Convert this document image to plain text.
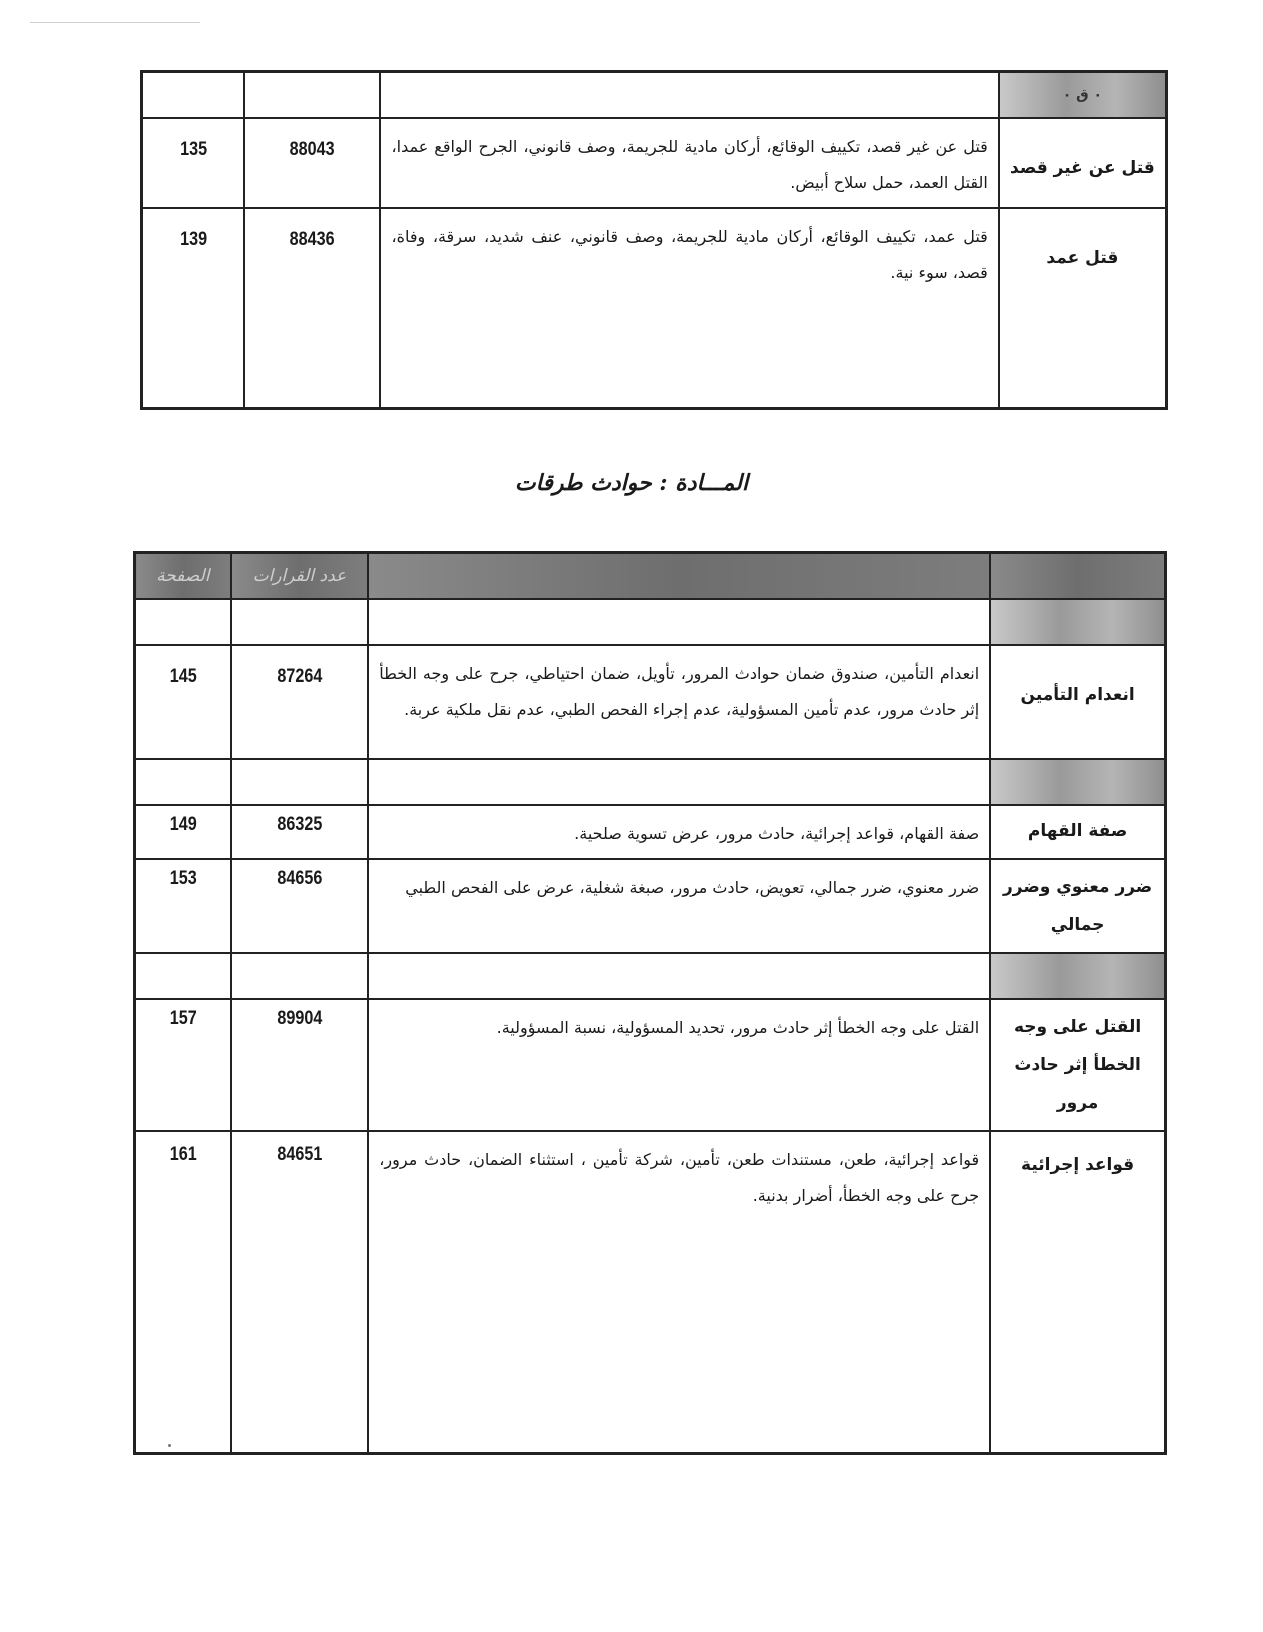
٠ ق ٠			
قتل عن غير قصد	قتل عن غير قصد، تكييف الوقائع، أركان مادية للجريمة، وصف قانوني، الجرح الواقع عمدا، القتل العمد، حمل سلاح أبيض.	88043	135
قتل عمد	قتل عمد، تكييف الوقائع، أركان مادية للجريمة، وصف قانوني، عنف شديد، سرقة، وفاة، قصد، سوء نية.	88436	139
المـــادة : حوادث طرقات
		عدد القرارات	الصفحة

انعدام التأمين	انعدام التأمين، صندوق ضمان حوادث المرور، تأويل، ضمان احتياطي، جرح على وجه الخطأ إثر حادث مرور، عدم تأمين المسؤولية، عدم إجراء الفحص الطبي، عدم نقل ملكية عربة.	87264	145

صفة القهام	صفة القهام، قواعد إجرائية، حادث مرور، عرض تسوية صلحية.	86325	149
ضرر معنوي وضرر جمالي	ضرر معنوي، ضرر جمالي، تعويض، حادث مرور، صبغة شغلية، عرض على الفحص الطبي	84656	153

القتل على وجه الخطأ إثر حادث مرور	القتل على وجه الخطأ إثر حادث مرور، تحديد المسؤولية، نسبة المسؤولية.	89904	157
قواعد إجرائية	قواعد إجرائية، طعن، مستندات طعن، تأمين، شركة تأمين ، استثناء الضمان، حادث مرور، جرح على وجه الخطأ، أضرار بدنية.	84651	161
